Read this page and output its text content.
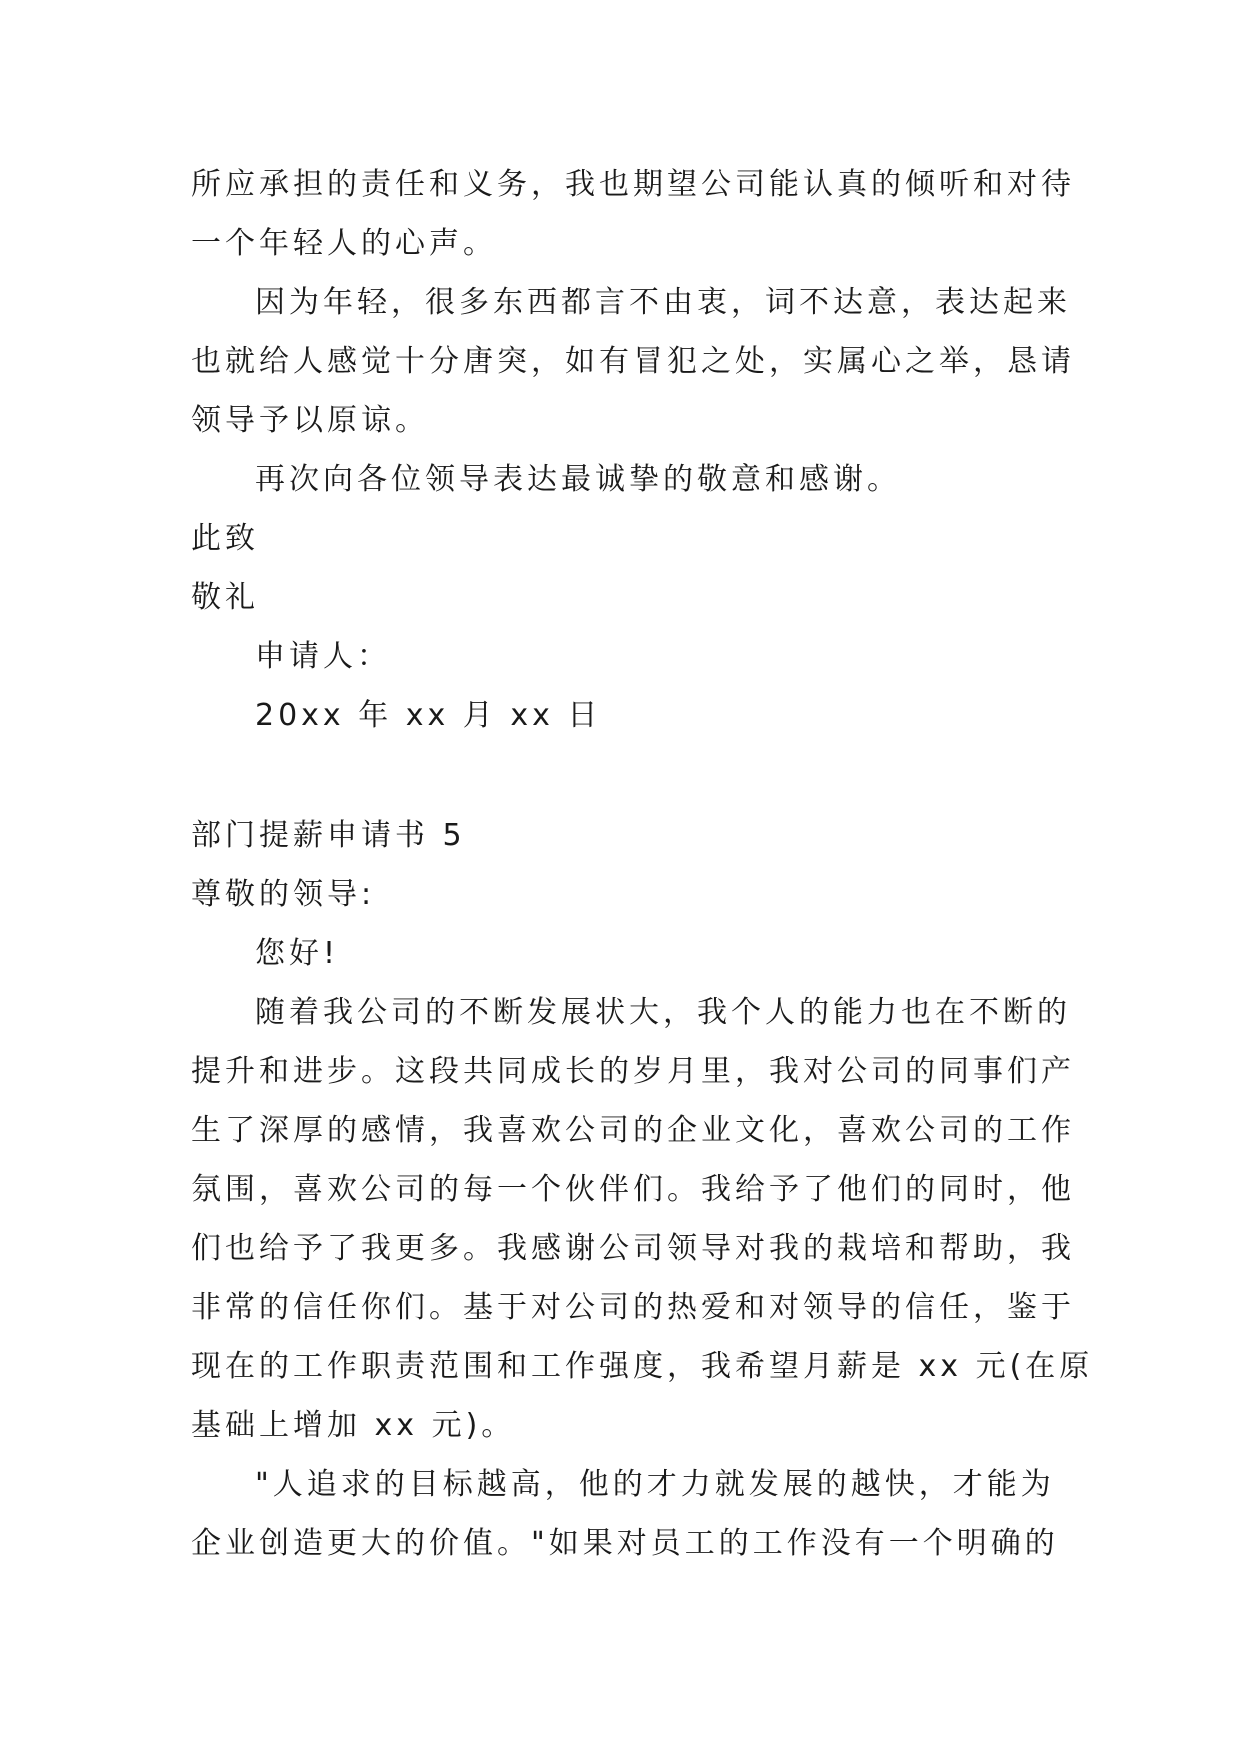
所应承担的责任和义务，我也期望公司能认真的倾听和对待
一个年轻人的心声。
因为年轻，很多东西都言不由衷，词不达意，表达起来
也就给人感觉十分唐突，如有冒犯之处，实属心之举，恳请
领导予以原谅。
再次向各位领导表达最诚挚的敬意和感谢。
此致
敬礼
申请人：
20xx 年 xx 月 xx 日
部门提薪申请书 5
尊敬的领导:
您好!
随着我公司的不断发展状大，我个人的能力也在不断的
提升和进步。这段共同成长的岁月里，我对公司的同事们产
生了深厚的感情，我喜欢公司的企业文化，喜欢公司的工作
氛围，喜欢公司的每一个伙伴们。我给予了他们的同时，他
们也给予了我更多。我感谢公司领导对我的栽培和帮助，我
非常的信任你们。基于对公司的热爱和对领导的信任，鉴于
现在的工作职责范围和工作强度，我希望月薪是 xx 元(在原
基础上增加 xx 元)。
"人追求的目标越高，他的才力就发展的越快，才能为
企业创造更大的价值。"如果对员工的工作没有一个明确的
